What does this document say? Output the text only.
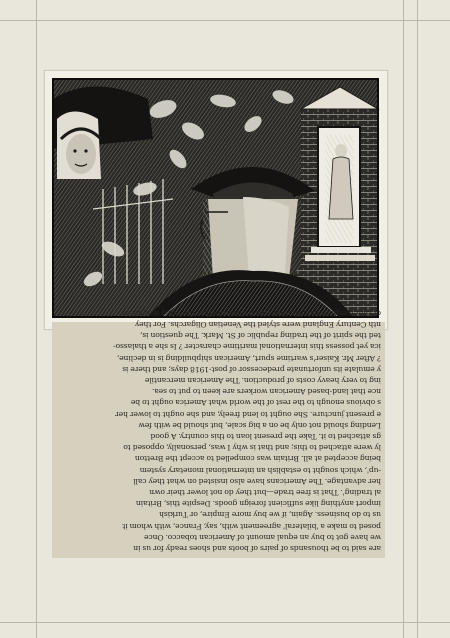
are said to be thousands of pairs of boots and shoes ready for us in
we have got to buy an equal amount of American tobacco. Once
posed to make a 'bilateral' agreement with, say, France, with whom it
us to do business. Again, if we buy more Empire, or Turkish
import anything like sufficient foreign goods. Despite this, Britain
al trading'. That is free trade—but they do not lower their own
her advantage. The Americans have also insisted on what they call
-up', which sought to establish an international monetary system
being accepted at all. Britain was compelled to accept the Bretton
ly were attached to this; and that is why I was, personally, opposed to
gs attached to it. Take the present loan to this country. A good
Lending should not only be on a big scale, but should be with few
e present juncture. She ought to lend freely, and she ought to lower her
s obvious enough to the rest of the world what America ought to be
nce that land-based American workers are keen to put to sea.
ing to very heavy costs of production. The American mercantile
y emulate its unfortunate predecessor of post-1918 days; and there is
? After Mr. Kaiser's wartime spurt, American shipbuilding is in decline,
ica yet possess this international maritime character ? Is she a thalasso-
ted the spirit of the trading republic of St. Mark. The question is,
nth Century England were styled the Venetian Oligarchs. For they
of Dutch experience. Neither was it absurdly that the Whig magnates
